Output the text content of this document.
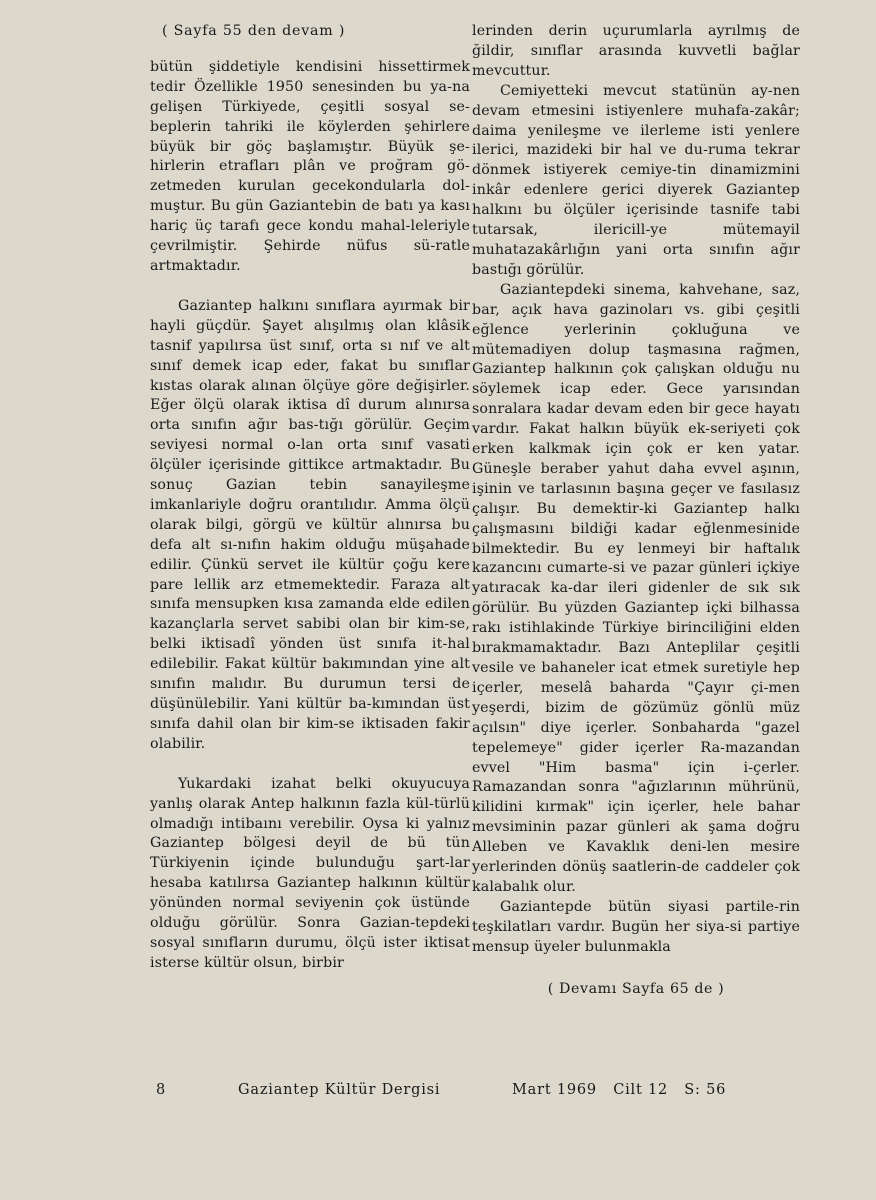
( Sayfa 55 den devam )

bütün şiddetiyle kendisini hissettirmek tedir Özellikle 1950 senesinden bu ya-na gelişen Türkiyede, çeşitli sosyal se-beplerin tahriki ile köylerden şehirlere büyük bir göç başlamıştır. Büyük şe-hirlerin etrafları plân ve proğram gö-zetmeden kurulan gecekondularla dol-muştur. Bu gün Gaziantebin de batı ya kası hariç üç tarafı gece kondu mahal-leleriyle çevrilmiştir. Şehirde nüfus sü-ratle artmaktadır.

Gaziantep halkını sınıflara ayırmak bir hayli güçdür. Şayet alışılmış olan klâsik tasnif yapılırsa üst sınıf, orta sı nıf ve alt sınıf demek icap eder, fakat bu sınıflar kıstas olarak alınan ölçüye göre değişirler. Eğer ölçü olarak iktisa dî durum alınırsa orta sınıfın ağır bas-tığı görülür. Geçim seviyesi normal o-lan orta sınıf vasati ölçüler içerisinde gittikce artmaktadır. Bu sonuç Gazian tebin sanayileşme imkanlariyle doğru orantılıdır. Amma ölçü olarak bilgi, görgü ve kültür alınırsa bu defa alt sı-nıfın hakim olduğu müşahade edilir. Çünkü servet ile kültür çoğu kere pare lellik arz etmemektedir. Faraza alt sınıfa mensupken kısa zamanda elde edilen kazançlarla servet sabibi olan bir kim-se, belki iktisadî yönden üst sınıfa it-hal edilebilir. Fakat kültür bakımından yine alt sınıfın malıdır. Bu durumun tersi de düşünülebilir. Yani kültür ba-kımından üst sınıfa dahil olan bir kim-se iktisaden fakir olabilir.

Yukardaki izahat belki okuyucuya yanlış olarak Antep halkının fazla kül-türlü olmadığı intibaını verebilir. Oysa ki yalnız Gaziantep bölgesi deyil de bü tün Türkiyenin içinde bulunduğu şart-lar hesaba katılırsa Gaziantep halkının kültür yönünden normal seviyenin çok üstünde olduğu görülür. Sonra Gazian-tepdeki sosyal sınıfların durumu, ölçü ister iktisat isterse kültür olsun, birbir

lerinden derin uçurumlarla ayrılmış de ğildir, sınıflar arasında kuvvetli bağlar mevcuttur.

Cemiyetteki mevcut statünün ay-nen devam etmesini istiyenlere muhafa-zakâr; daima yenileşme ve ilerleme isti yenlere ilerici, mazideki bir hal ve du-ruma tekrar dönmek istiyerek cemiye-tin dinamizmini inkâr edenlere gerici diyerek Gaziantep halkını bu ölçüler içerisinde tasnife tabi tutarsak, ilericill-ye mütemayil muhatazakârlığın yani orta sınıfın ağır bastığı görülür.

Gaziantepdeki sinema, kahvehane, saz, bar, açık hava gazinoları vs. gibi çeşitli eğlence yerlerinin çokluğuna ve mütemadiyen dolup taşmasına rağmen, Gaziantep halkının çok çalışkan olduğu nu söylemek icap eder. Gece yarısından sonralara kadar devam eden bir gece hayatı vardır. Fakat halkın büyük ek-seriyeti çok erken kalkmak için çok er ken yatar. Güneşle beraber yahut daha evvel aşının, işinin ve tarlasının başına geçer ve fasılasız çalışır. Bu demektir-ki Gaziantep halkı çalışmasını bildiği kadar eğlenmesinide bilmektedir. Bu ey lenmeyi bir haftalık kazancını cumarte-si ve pazar günleri içkiye yatıracak ka-dar ileri gidenler de sık sık görülür. Bu yüzden Gaziantep içki bilhassa rakı istihlakinde Türkiye birinciliğini elden bırakmamaktadır. Bazı Anteplilar çeşitli vesile ve bahaneler icat etmek suretiyle hep içerler, meselâ baharda "Çayır çi-men yeşerdi, bizim de gözümüz gönlü müz açılsın" diye içerler. Sonbaharda "gazel tepelemeye" gider içerler Ra-mazandan evvel "Him basma" için i-çerler. Ramazandan sonra "ağızlarının mührünü, kilidini kırmak" için içerler, hele bahar mevsiminin pazar günleri ak şama doğru Alleben ve Kavaklık deni-len mesire yerlerinden dönüş saatlerin-de caddeler çok kalabalık olur.

Gaziantepde bütün siyasi partile-rin teşkilatları vardır. Bugün her siya-si partiye mensup üyeler bulunmakla

( Devamı Sayfa 65 de )
8	Gaziantep Kültür Dergisi	Mart 1969   Cilt 12   S: 56
